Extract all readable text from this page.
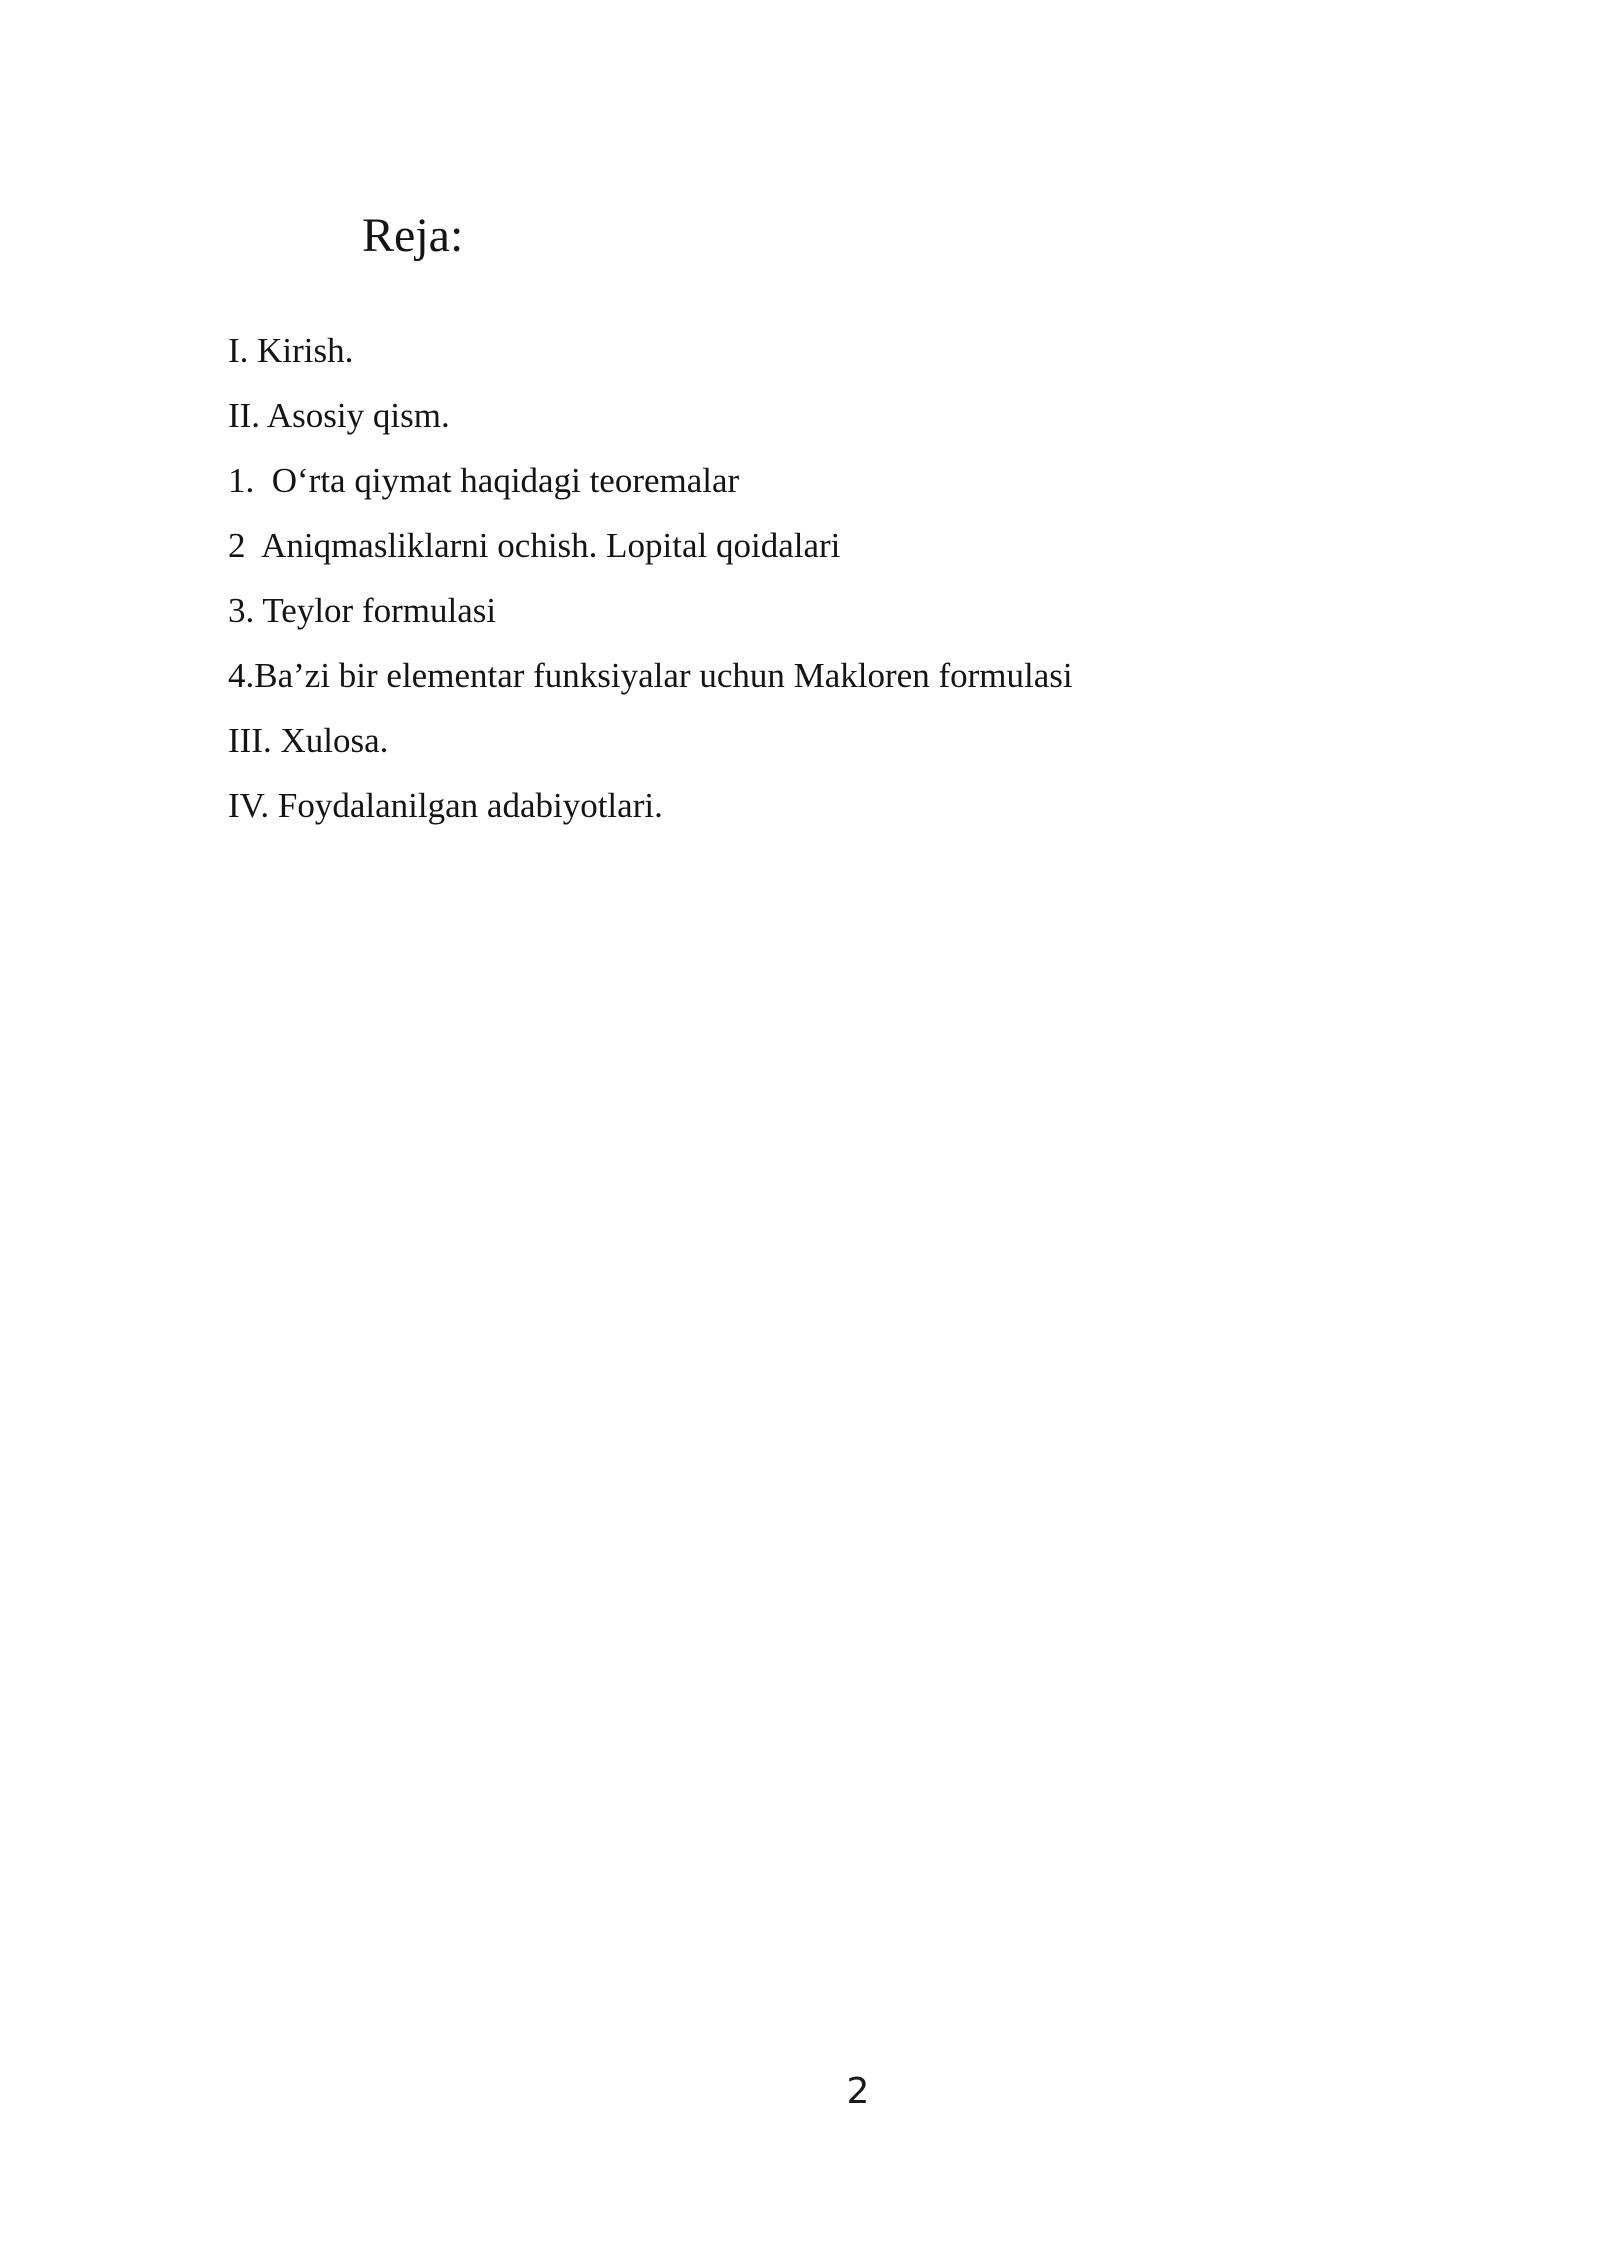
Reja:
I. Kirish.
II. Asosiy qism.
1.  O‘rta qiymat haqidagi teoremalar
2  Aniqmasliklarni ochish. Lopital qoidalari
3. Teylor formulasi
4.Ba’zi bir elementar funksiyalar uchun Makloren formulasi
III. Xulosa.
IV. Foydalanilgan adabiyotlari.
2
